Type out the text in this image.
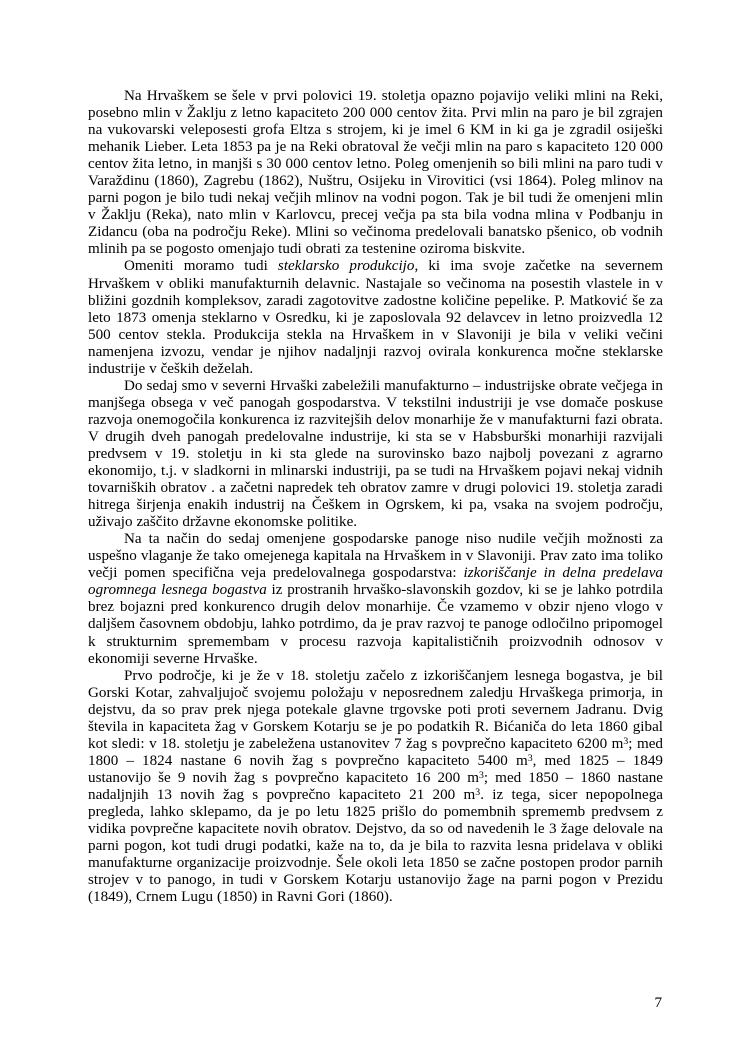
Na Hrvaškem se šele v prvi polovici 19. stoletja opazno pojavijo veliki mlini na Reki, posebno mlin v Žaklju z letno kapaciteto 200 000 centov žita. Prvi mlin na paro je bil zgrajen na vukovarski veleposesti grofa Eltza s strojem, ki je imel 6 KM in ki ga je zgradil osiješki mehanik Lieber. Leta 1853 pa je na Reki obratoval že večji mlin na paro s kapaciteto 120 000 centov žita letno, in manjši s 30 000 centov letno. Poleg omenjenih so bili mlini na paro tudi v Varaždinu (1860), Zagrebu (1862), Nuštru, Osijeku in Virovitici (vsi 1864). Poleg mlinov na parni pogon je bilo tudi nekaj večjih mlinov na vodni pogon. Tak je bil tudi že omenjeni mlin v Žaklju (Reka), nato mlin v Karlovcu, precej večja pa sta bila vodna mlina v Podbanju in Zidancu (oba na področju Reke). Mlini so večinoma predelovali banatsko pšenico, ob vodnih mlinih pa se pogosto omenjajo tudi obrati za testenine oziroma biskvite.

Omeniti moramo tudi steklarsko produkcijo, ki ima svoje začetke na severnem Hrvaškem v obliki manufakturnih delavnic. Nastajale so večinoma na posestih vlastele in v bližini gozdnih kompleksov, zaradi zagotovitve zadostne količine pepelike. P. Matković še za leto 1873 omenja steklarno v Osredku, ki je zaposlovala 92 delavcev in letno proizvedla 12 500 centov stekla. Produkcija stekla na Hrvaškem in v Slavoniji je bila v veliki večini namenjena izvozu, vendar je njihov nadaljnji razvoj ovirala konkurenca močne steklarske industrije v čeških deželah.

Do sedaj smo v severni Hrvaški zabeležili manufakturno – industrijske obrate večjega in manjšega obsega v več panogah gospodarstva. V tekstilni industriji je vse domače poskuse razvoja onemogočila konkurenca iz razvitejših delov monarhije že v manufakturni fazi obrata. V drugih dveh panogah predelovalne industrije, ki sta se v Habsburški monarhiji razvijali predvsem v 19. stoletju in ki sta glede na surovinsko bazo najbolj povezani z agrarno ekonomijo, t.j. v sladkorni in mlinarski industriji, pa se tudi na Hrvaškem pojavi nekaj vidnih tovarniških obratov . a začetni napredek teh obratov zamre v drugi polovici 19. stoletja zaradi hitrega širjenja enakih industrij na Češkem in Ogrskem, ki pa, vsaka na svojem področju, uživajo zaščito državne ekonomske politike.

Na ta način do sedaj omenjene gospodarske panoge niso nudile večjih možnosti za uspešno vlaganje že tako omejenega kapitala na Hrvaškem in v Slavoniji. Prav zato ima toliko večji pomen specifična veja predelovalnega gospodarstva: izkoriščanje in delna predelava ogromnega lesnega bogastva iz prostranih hrvaško-slavonskih gozdov, ki se je lahko potrdila brez bojazni pred konkurenco drugih delov monarhije. Če vzamemo v obzir njeno vlogo v daljšem časovnem obdobju, lahko potrdimo, da je prav razvoj te panoge odločilno pripomogel k strukturnim spremembam v procesu razvoja kapitalističnih proizvodnih odnosov v ekonomiji severne Hrvaške.

Prvo področje, ki je že v 18. stoletju začelo z izkoriščanjem lesnega bogastva, je bil Gorski Kotar, zahvaljujoč svojemu položaju v neposrednem zaledju Hrvaškega primorja, in dejstvu, da so prav prek njega potekale glavne trgovske poti proti severnem Jadranu. Dvig števila in kapaciteta žag v Gorskem Kotarju se je po podatkih R. Bićaniča do leta 1860 gibal kot sledi: v 18. stoletju je zabeležena ustanovitev 7 žag s povprečno kapaciteto 6200 $m^3$; med 1800 – 1824 nastane 6 novih žag s povprečno kapaciteto 5400 $m^3$, med 1825 – 1849 ustanovijo še 9 novih žag s povprečno kapaciteto 16 200 $m^3$; med 1850 – 1860 nastane nadaljnjih 13 novih žag s povprečno kapaciteto 21 200 $m^3$. iz tega, sicer nepopolnega pregleda, lahko sklepamo, da je po letu 1825 prišlo do pomembnih sprememb predvsem z vidika povprečne kapacitete novih obratov. Dejstvo, da so od navedenih le 3 žage delovale na parni pogon, kot tudi drugi podatki, kaže na to, da je bila to razvita lesna pridelava v obliki manufakturne organizacije proizvodnje. Šele okoli leta 1850 se začne postopen prodor parnih strojev v to panogo, in tudi v Gorskem Kotarju ustanovijo žage na parni pogon v Prezidu (1849), Crnem Lugu (1850) in Ravni Gori (1860).

7
